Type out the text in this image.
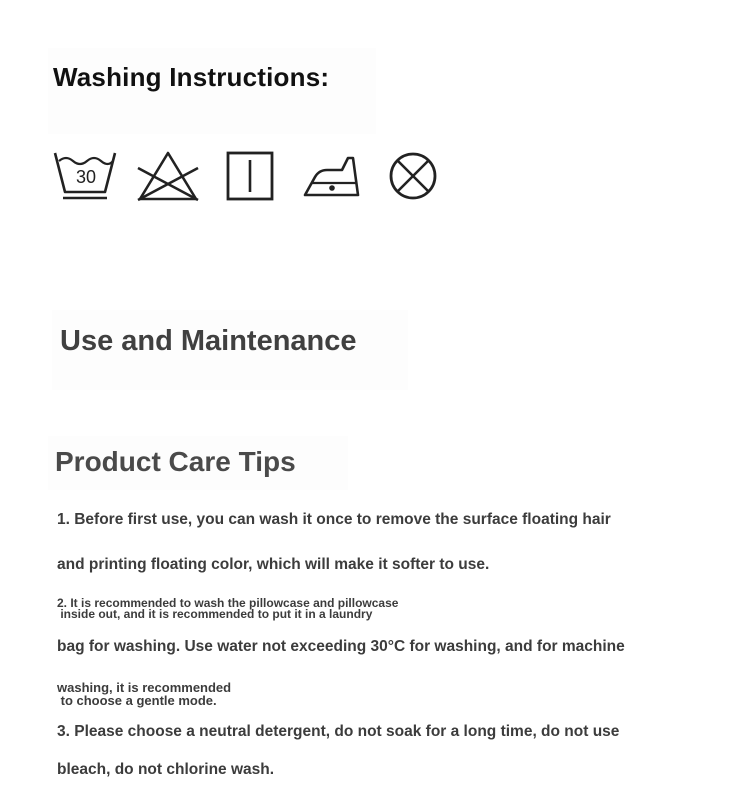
Washing Instructions:
30
Use and Maintenance
Product Care Tips

1. Before first use, you can wash it once to remove the surface floating hair

and printing floating color, which will make it softer to use.

2. It is recommended to wash the pillowcase and pillowcase

inside out, and it is recommended to put it in a laundry

bag for washing. Use water not exceeding 30°C for washing, and for machine

washing, it is recommended

to choose a gentle mode.

3. Please choose a neutral detergent, do not soak for a long time, do not use

bleach, do not chlorine wash.
